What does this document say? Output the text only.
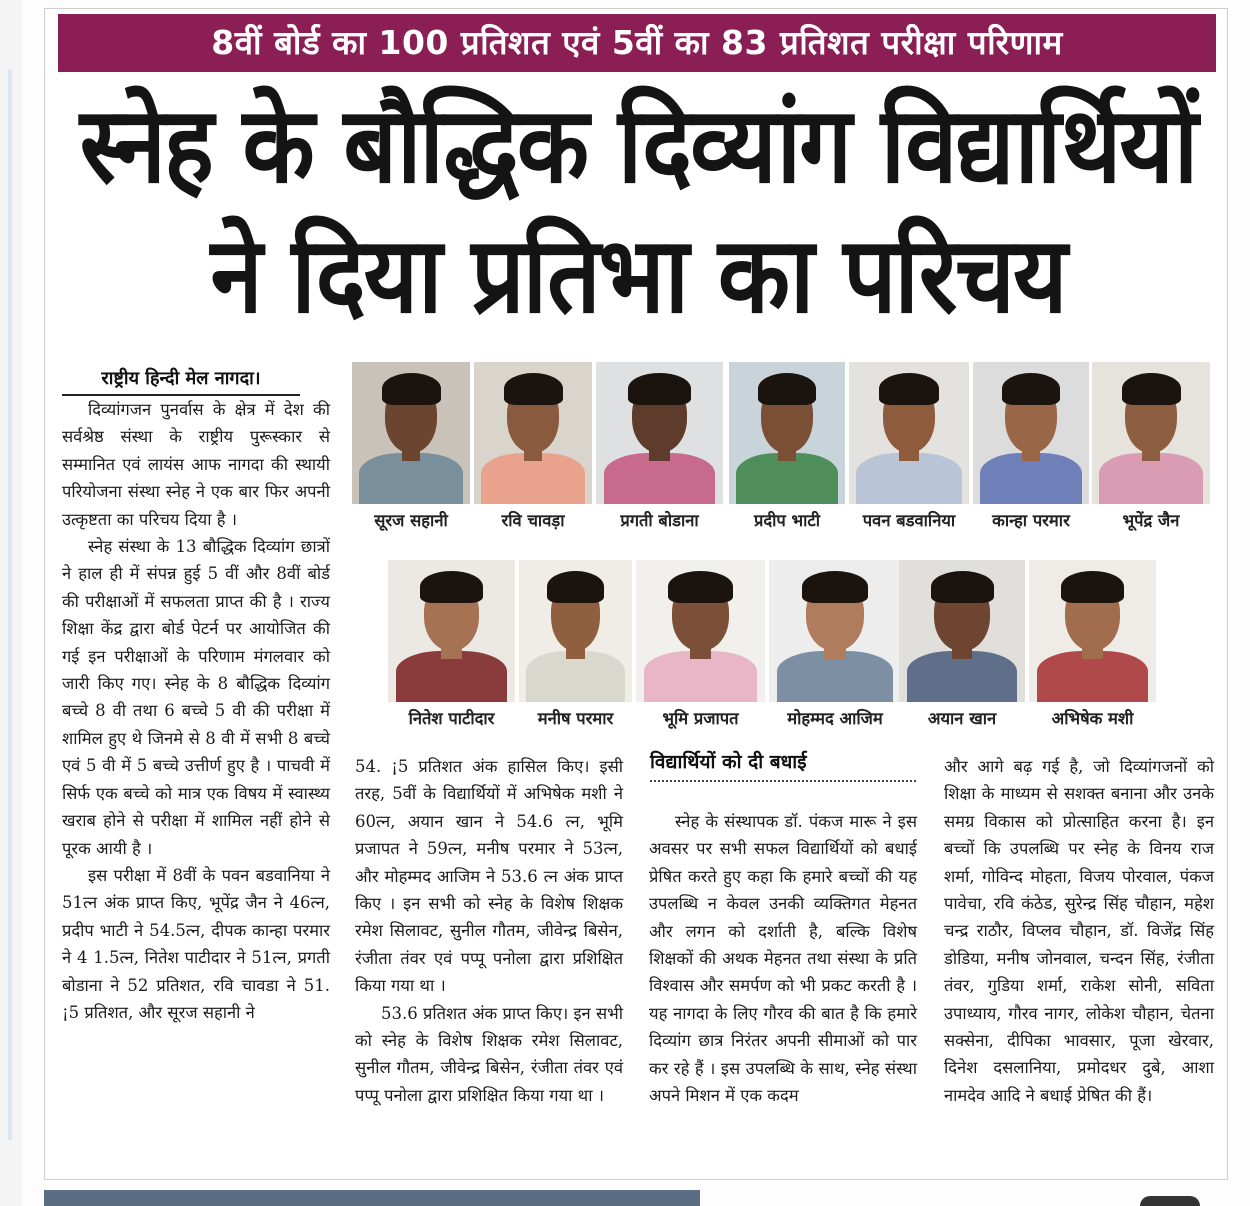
8वीं बोर्ड का 100 प्रतिशत एवं 5वीं का 83 प्रतिशत परीक्षा परिणाम
स्नेह के बौद्धिक दिव्यांग विद्यार्थियों
ने दिया प्रतिभा का परिचय
राष्ट्रीय हिन्दी मेल नागदा।

दिव्यांगजन पुनर्वास के क्षेत्र में देश की सर्वश्रेष्ठ संस्था के राष्ट्रीय पुरूस्कार से सम्मानित एवं लायंस आफ नागदा की स्थायी परियोजना संस्था स्नेह ने एक बार फिर अपनी उत्कृष्टता का परिचय दिया है ।

स्नेह संस्था के 13 बौद्धिक दिव्यांग छात्रों ने हाल ही में संपन्न हुई 5 वीं और 8वीं बोर्ड की परीक्षाओं में सफलता प्राप्त की है । राज्य शिक्षा केंद्र द्वारा बोर्ड पेटर्न पर आयोजित की गई इन परीक्षाओं के परिणाम मंगलवार को जारी किए गए। स्नेह के 8 बौद्धिक दिव्यांग बच्चे 8 वी तथा 6 बच्चे 5 वी की परीक्षा में शामिल हुए थे जिनमे से 8 वी में सभी 8 बच्चे एवं 5 वी में 5 बच्चे उत्तीर्ण हुए है । पाचवी में सिर्फ एक बच्चे को मात्र एक विषय में स्वास्थ्य खराब होने से परीक्षा में शामिल नहीं होने से पूरक आयी है ।

इस परीक्षा में 8वीं के पवन बडवानिया ने 51त्न अंक प्राप्त किए, भूपेंद्र जैन ने 46त्न, प्रदीप भाटी ने 54.5त्न, दीपक कान्हा परमार ने 4 1.5त्न, नितेश पाटीदार ने 51त्न, प्रगती बोडाना ने 52 प्रतिशत, रवि चावडा ने 51. ¡5 प्रतिशत, और सूरज सहानी ने

सूरज सहानी	रवि चावड़ा	प्रगती बोडाना	प्रदीप भाटी	पवन बडवानिया	कान्हा परमार	भूपेंद्र जैन
नितेश पाटीदार	मनीष परमार	भूमि प्रजापत	मोहम्मद आजिम	अयान खान	अभिषेक मशी

54. ¡5 प्रतिशत अंक हासिल किए। इसी तरह, 5वीं के विद्यार्थियों में अभिषेक मशी ने 60त्न, अयान खान ने 54.6 त्न, भूमि प्रजापत ने 59त्न, मनीष परमार ने 53त्न, और मोहम्मद आजिम ने 53.6 त्न अंक प्राप्त किए । इन सभी को स्नेह के विशेष शिक्षक रमेश सिलावट, सुनील गौतम, जीवेन्द्र बिसेन, रंजीता तंवर एवं पप्पू पनोला द्वारा प्रशिक्षित किया गया था ।

53.6 प्रतिशत अंक प्राप्त किए। इन सभी को स्नेह के विशेष शिक्षक रमेश सिलावट, सुनील गौतम, जीवेन्द्र बिसेन, रंजीता तंवर एवं पप्पू पनोला द्वारा प्रशिक्षित किया गया था ।

विद्यार्थियों को दी बधाई

स्नेह के संस्थापक डॉ. पंकज मारू ने इस अवसर पर सभी सफल विद्यार्थियों को बधाई प्रेषित करते हुए कहा कि हमारे बच्चों की यह उपलब्धि न केवल उनकी व्यक्तिगत मेहनत और लगन को दर्शाती है, बल्कि विशेष शिक्षकों की अथक मेहनत तथा संस्था के प्रति विश्वास और समर्पण को भी प्रकट करती है । यह नागदा के लिए गौरव की बात है कि हमारे दिव्यांग छात्र निरंतर अपनी सीमाओं को पार कर रहे हैं । इस उपलब्धि के साथ, स्नेह संस्था अपने मिशन में एक कदम

और आगे बढ़ गई है, जो दिव्यांगजनों को शिक्षा के माध्यम से सशक्त बनाना और उनके समग्र विकास को प्रोत्साहित करना है। इन बच्चों कि उपलब्धि पर स्नेह के विनय राज शर्मा, गोविन्द मोहता, विजय पोरवाल, पंकज पावेचा, रवि कंठेड, सुरेन्द्र सिंह चौहान, महेश चन्द्र राठौर, विप्लव चौहान, डॉ. विजेंद्र सिंह डोडिया, मनीष जोनवाल, चन्दन सिंह, रंजीता तंवर, गुडिया शर्मा, राकेश सोनी, सविता उपाध्याय, गौरव नागर, लोकेश चौहान, चेतना सक्सेना, दीपिका भावसार, पूजा खेरवार, दिनेश दसलानिया, प्रमोदधर दुबे, आशा नामदेव आदि ने बधाई प्रेषित की हैं।
